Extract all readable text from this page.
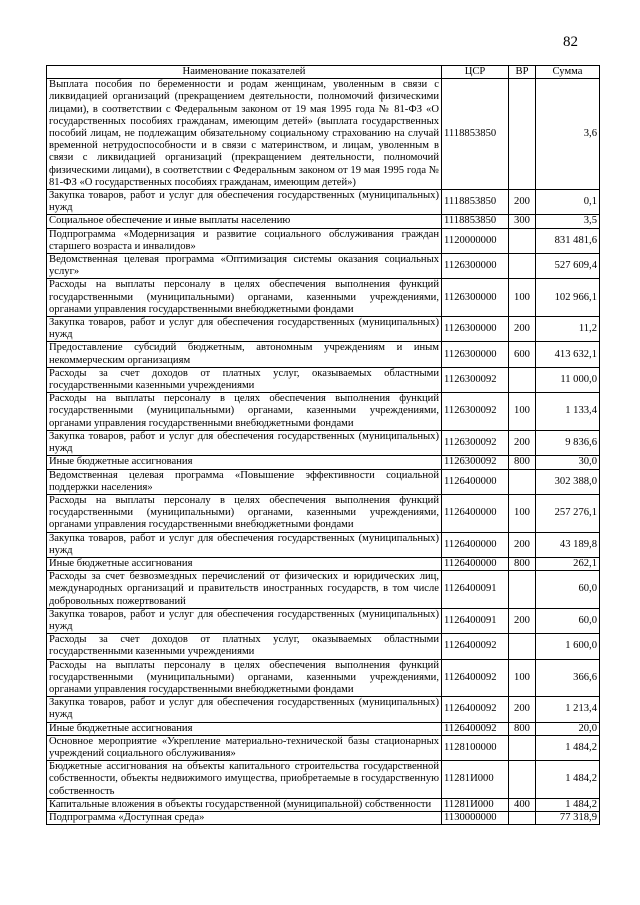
82
Наименование показателей	ЦСР	ВР	Сумма
Выплата пособия по беременности и родам женщинам, уволенным в связи с ликвидацией организаций (прекращением деятельности, полномочий физическими лицами), в соответствии с Федеральным законом от 19 мая 1995 года № 81-ФЗ «О государственных пособиях гражданам, имеющим детей» (выплата государственных пособий лицам, не подлежащим обязательному социальному страхованию на случай временной нетрудоспособности и в связи с материнством, и лицам, уволенным в связи с ликвидацией организаций (прекращением деятельности, полномочий физическими лицами), в соответствии с Федеральным законом от 19 мая 1995 года № 81-ФЗ «О государственных пособиях гражданам, имеющим детей»)	1118853850		3,6
Закупка товаров, работ и услуг для обеспечения государственных (муниципальных) нужд	1118853850	200	0,1
Социальное обеспечение и иные выплаты населению	1118853850	300	3,5
Подпрограмма «Модернизация и развитие социального обслуживания граждан старшего возраста и инвалидов»	1120000000		831 481,6
Ведомственная целевая программа «Оптимизация системы оказания социальных услуг»	1126300000		527 609,4
Расходы на выплаты персоналу в целях обеспечения выполнения функций государственными (муниципальными) органами, казенными учреждениями, органами управления государственными внебюджетными фондами	1126300000	100	102 966,1
Закупка товаров, работ и услуг для обеспечения государственных (муниципальных) нужд	1126300000	200	11,2
Предоставление субсидий бюджетным, автономным учреждениям и иным некоммерческим организациям	1126300000	600	413 632,1
Расходы за счет доходов от платных услуг, оказываемых областными государственными казенными учреждениями	1126300092		11 000,0
Расходы на выплаты персоналу в целях обеспечения выполнения функций государственными (муниципальными) органами, казенными учреждениями, органами управления государственными внебюджетными фондами	1126300092	100	1 133,4
Закупка товаров, работ и услуг для обеспечения государственных (муниципальных) нужд	1126300092	200	9 836,6
Иные бюджетные ассигнования	1126300092	800	30,0
Ведомственная целевая программа «Повышение эффективности социальной поддержки населения»	1126400000		302 388,0
Расходы на выплаты персоналу в целях обеспечения выполнения функций государственными (муниципальными) органами, казенными учреждениями, органами управления государственными внебюджетными фондами	1126400000	100	257 276,1
Закупка товаров, работ и услуг для обеспечения государственных (муниципальных) нужд	1126400000	200	43 189,8
Иные бюджетные ассигнования	1126400000	800	262,1
Расходы за счет безвозмездных перечислений от физических и юридических лиц, международных организаций и правительств иностранных государств, в том числе добровольных пожертвований	1126400091		60,0
Закупка товаров, работ и услуг для обеспечения государственных (муниципальных) нужд	1126400091	200	60,0
Расходы за счет доходов от платных услуг, оказываемых областными государственными казенными учреждениями	1126400092		1 600,0
Расходы на выплаты персоналу в целях обеспечения выполнения функций государственными (муниципальными) органами, казенными учреждениями, органами управления государственными внебюджетными фондами	1126400092	100	366,6
Закупка товаров, работ и услуг для обеспечения государственных (муниципальных) нужд	1126400092	200	1 213,4
Иные бюджетные ассигнования	1126400092	800	20,0
Основное мероприятие «Укрепление материально-технической базы стационарных учреждений социального обслуживания»	1128100000		1 484,2
Бюджетные ассигнования на объекты капитального строительства государственной собственности, объекты недвижимого имущества, приобретаемые в государственную собственность	11281И000		1 484,2
Капитальные вложения в объекты государственной (муниципальной) собственности	11281И000	400	1 484,2
Подпрограмма «Доступная среда»	1130000000		77 318,9
